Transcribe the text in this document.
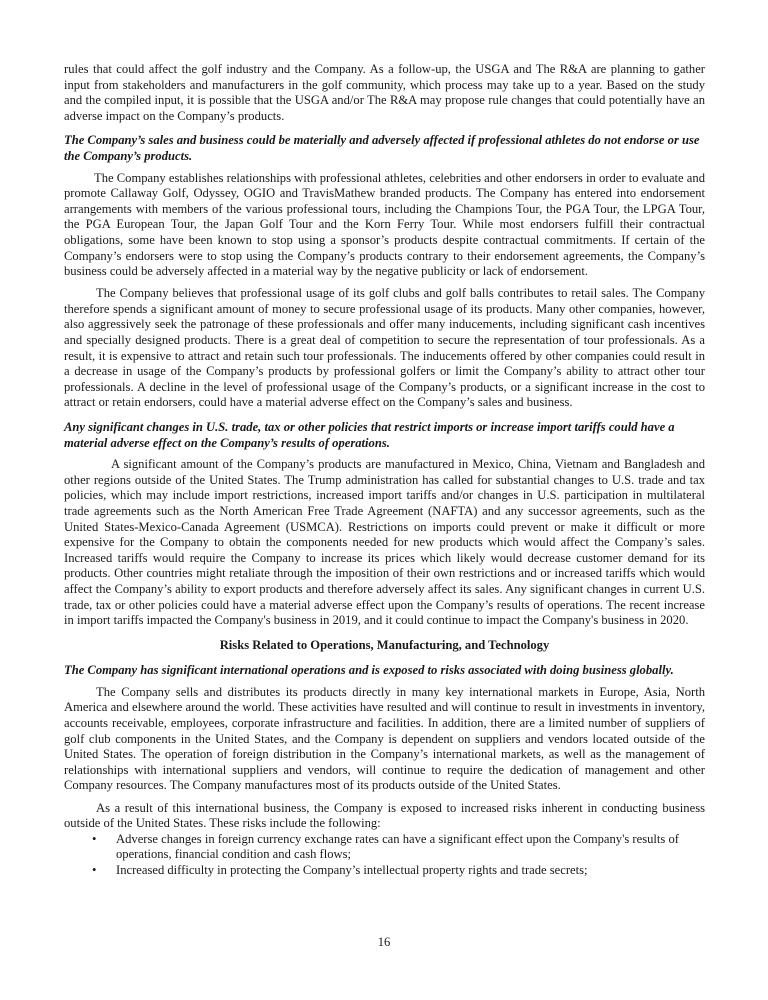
rules that could affect the golf industry and the Company. As a follow-up, the USGA and The R&A are planning to gather input from stakeholders and manufacturers in the golf community, which process may take up to a year. Based on the study and the compiled input, it is possible that the USGA and/or The R&A may propose rule changes that could potentially have an adverse impact on the Company’s products.

The Company’s sales and business could be materially and adversely affected if professional athletes do not endorse or use the Company’s products.

The Company establishes relationships with professional athletes, celebrities and other endorsers in order to evaluate and promote Callaway Golf, Odyssey, OGIO and TravisMathew branded products. The Company has entered into endorsement arrangements with members of the various professional tours, including the Champions Tour, the PGA Tour, the LPGA Tour, the PGA European Tour, the Japan Golf Tour and the Korn Ferry Tour. While most endorsers fulfill their contractual obligations, some have been known to stop using a sponsor’s products despite contractual commitments. If certain of the Company’s endorsers were to stop using the Company’s products contrary to their endorsement agreements, the Company’s business could be adversely affected in a material way by the negative publicity or lack of endorsement.

The Company believes that professional usage of its golf clubs and golf balls contributes to retail sales. The Company therefore spends a significant amount of money to secure professional usage of its products. Many other companies, however, also aggressively seek the patronage of these professionals and offer many inducements, including significant cash incentives and specially designed products. There is a great deal of competition to secure the representation of tour professionals. As a result, it is expensive to attract and retain such tour professionals. The inducements offered by other companies could result in a decrease in usage of the Company’s products by professional golfers or limit the Company’s ability to attract other tour professionals. A decline in the level of professional usage of the Company’s products, or a significant increase in the cost to attract or retain endorsers, could have a material adverse effect on the Company’s sales and business.

Any significant changes in U.S. trade, tax or other policies that restrict imports or increase import tariffs could have a material adverse effect on the Company’s results of operations.

A significant amount of the Company’s products are manufactured in Mexico, China, Vietnam and Bangladesh and other regions outside of the United States. The Trump administration has called for substantial changes to U.S. trade and tax policies, which may include import restrictions, increased import tariffs and/or changes in U.S. participation in multilateral trade agreements such as the North American Free Trade Agreement (NAFTA) and any successor agreements, such as the United States-Mexico-Canada Agreement (USMCA). Restrictions on imports could prevent or make it difficult or more expensive for the Company to obtain the components needed for new products which would affect the Company’s sales. Increased tariffs would require the Company to increase its prices which likely would decrease customer demand for its products. Other countries might retaliate through the imposition of their own restrictions and or increased tariffs which would affect the Company’s ability to export products and therefore adversely affect its sales. Any significant changes in current U.S. trade, tax or other policies could have a material adverse effect upon the Company’s results of operations. The recent increase in import tariffs impacted the Company's business in 2019, and it could continue to impact the Company's business in 2020.

Risks Related to Operations, Manufacturing, and Technology

The Company has significant international operations and is exposed to risks associated with doing business globally.

The Company sells and distributes its products directly in many key international markets in Europe, Asia, North America and elsewhere around the world. These activities have resulted and will continue to result in investments in inventory, accounts receivable, employees, corporate infrastructure and facilities. In addition, there are a limited number of suppliers of golf club components in the United States, and the Company is dependent on suppliers and vendors located outside of the United States. The operation of foreign distribution in the Company’s international markets, as well as the management of relationships with international suppliers and vendors, will continue to require the dedication of management and other Company resources. The Company manufactures most of its products outside of the United States.

As a result of this international business, the Company is exposed to increased risks inherent in conducting business outside of the United States. These risks include the following:

• Adverse changes in foreign currency exchange rates can have a significant effect upon the Company's results of operations, financial condition and cash flows;
• Increased difficulty in protecting the Company’s intellectual property rights and trade secrets;
16
